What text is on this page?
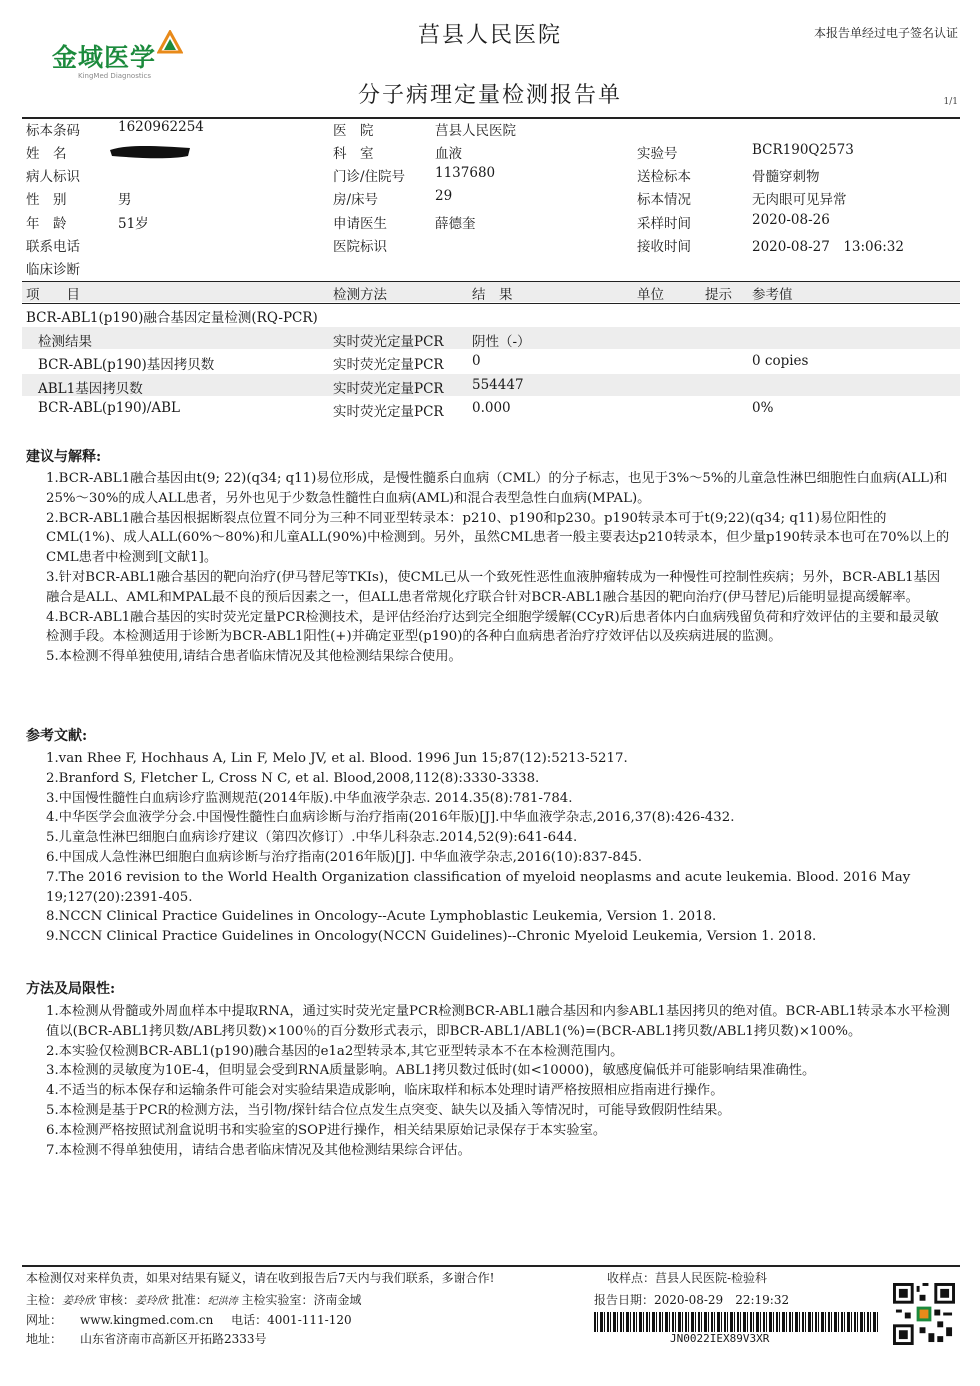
金域医学
KingMed Diagnostics
莒县人民医院	本报告单经过电子签名认证
分子病理定量检测报告单	1/1
标本条码	1620962254
姓　名
病人标识
性　别	男
年　龄	51岁
联系电话
临床诊断
医　院	莒县人民医院
科　室	血液
门诊/住院号 1137680
房/床号	29
申请医生	薛德奎
医院标识
实验号	BCR190Q2573
送检标本	骨髓穿刺物
标本情况	无肉眼可见异常
采样时间	2020-08-26
接收时间	2020-08-27　13:06:32
项　　目	检测方法	结　果	单位	提示 参考值
BCR-ABL1(p190)融合基因定量检测(RQ-PCR)
检测结果	实时荧光定量PCR 阴性（-）
BCR-ABL(p190)基因拷贝数	实时荧光定量PCR 0	0 copies
ABL1基因拷贝数	实时荧光定量PCR 554447
BCR-ABL(p190)/ABL	实时荧光定量PCR 0.000	0%
建议与解释:

1.BCR-ABL1融合基因由t(9; 22)(q34; q11)易位形成，是慢性髓系白血病（CML）的分子标志，也见于3%～5%的儿童急性淋巴细胞性白血病(ALL)和25%～30%的成人ALL患者，另外也见于少数急性髓性白血病(AML)和混合表型急性白血病(MPAL)。

2.BCR-ABL1融合基因根据断裂点位置不同分为三种不同亚型转录本：p210、p190和p230。p190转录本可于t(9;22)(q34; q11)易位阳性的CML(1%)、成人ALL(60%～80%)和儿童ALL(90%)中检测到。另外，虽然CML患者一般主要表达p210转录本，但少量p190转录本也可在70%以上的CML患者中检测到[文献1]。

3.针对BCR-ABL1融合基因的靶向治疗(伊马替尼等TKIs)，使CML已从一个致死性恶性血液肿瘤转成为一种慢性可控制性疾病；另外，BCR-ABL1基因融合是ALL、AML和MPAL最不良的预后因素之一，但ALL患者常规化疗联合针对BCR-ABL1融合基因的靶向治疗(伊马替尼)后能明显提高缓解率。

4.BCR-ABL1融合基因的实时荧光定量PCR检测技术，是评估经治疗达到完全细胞学缓解(CCyR)后患者体内白血病残留负荷和疗效评估的主要和最灵敏检测手段。本检测适用于诊断为BCR-ABL1阳性(+)并确定亚型(p190)的各种白血病患者治疗疗效评估以及疾病进展的监测。

5.本检测不得单独使用,请结合患者临床情况及其他检测结果综合使用。

参考文献:

1.van Rhee F, Hochhaus A, Lin F, Melo JV, et al. Blood. 1996 Jun 15;87(12):5213-5217.

2.Branford S, Fletcher L, Cross N C, et al. Blood,2008,112(8):3330-3338.

3.中国慢性髓性白血病诊疗监测规范(2014年版).中华血液学杂志. 2014.35(8):781-784.

4.中华医学会血液学分会.中国慢性髓性白血病诊断与治疗指南(2016年版)[J].中华血液学杂志,2016,37(8):426-432.

5.儿童急性淋巴细胞白血病诊疗建议（第四次修订）.中华儿科杂志.2014,52(9):641-644.

6.中国成人急性淋巴细胞白血病诊断与治疗指南(2016年版)[J]. 中华血液学杂志,2016(10):837-845.

7.The 2016 revision to the World Health Organization classification of myeloid neoplasms and acute leukemia. Blood. 2016 May 19;127(20):2391-405.

8.NCCN Clinical Practice Guidelines in Oncology--Acute Lymphoblastic Leukemia, Version 1. 2018.

9.NCCN Clinical Practice Guidelines in Oncology(NCCN Guidelines)--Chronic Myeloid Leukemia, Version 1. 2018.

方法及局限性:

1.本检测从骨髓或外周血样本中提取RNA，通过实时荧光定量PCR检测BCR-ABL1融合基因和内参ABL1基因拷贝的绝对值。BCR-ABL1转录本水平检测值以(BCR-ABL1拷贝数/ABL拷贝数)×100％的百分数形式表示，即BCR-ABL1/ABL1(%)=(BCR-ABL1拷贝数/ABL1拷贝数)×100%。

2.本实验仅检测BCR-ABL1(p190)融合基因的e1a2型转录本,其它亚型转录本不在本检测范围内。

3.本检测的灵敏度为10E-4，但明显会受到RNA质量影响。ABL1拷贝数过低时(如<10000)，敏感度偏低并可能影响结果准确性。

4.不适当的标本保存和运输条件可能会对实验结果造成影响，临床取样和标本处理时请严格按照相应指南进行操作。

5.本检测是基于PCR的检测方法，当引物/探针结合位点发生点突变、缺失以及插入等情况时，可能导致假阴性结果。

6.本检测严格按照试剂盒说明书和实验室的SOP进行操作，相关结果原始记录保存于本实验室。

7.本检测不得单独使用，请结合患者临床情况及其他检测结果综合评估。

本检测仅对来样负责，如果对结果有疑义，请在收到报告后7天内与我们联系，多谢合作!	收样点：莒县人民医院-检验科
主检：姜玲欣 审核：姜玲欣 批准：纪洪涛 主检实验室：济南金域	报告日期：2020-08-29　22:19:32
网址： www.kingmed.com.cn 电话：4001-111-120
地址： 山东省济南市高新区开拓路2333号	JN0022IEX89V3XR
